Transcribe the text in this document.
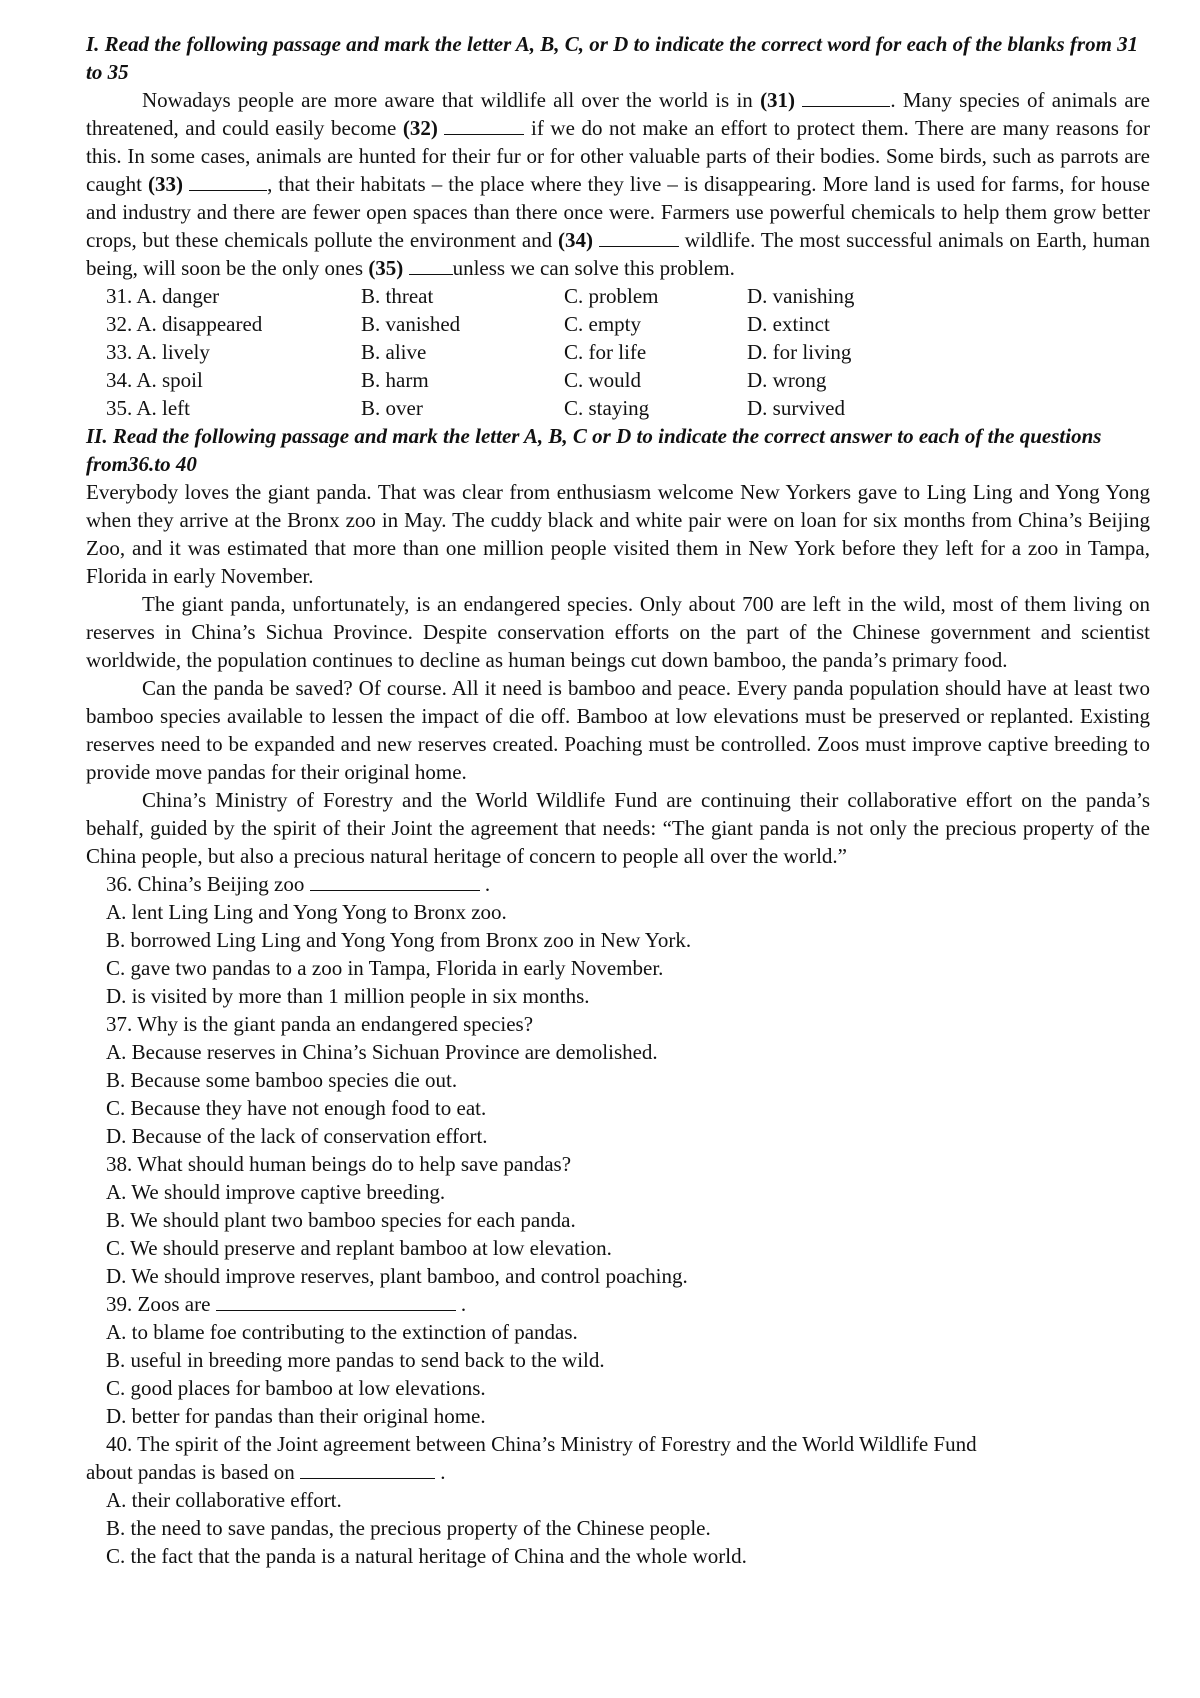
I. Read the following passage and mark the letter A, B, C, or D to indicate the correct word for each of the blanks from 31 to 35
Nowadays people are more aware that wildlife all over the world is in (31)	. Many species of animals are threatened, and could easily become (32)	if we do not make an effort to protect them. There are many reasons for this. In some cases, animals are hunted for their fur or for other valuable parts of their bodies. Some birds, such as parrots are caught (33)	, that their habitats – the place where they live – is disappearing. More land is used for farms, for house and industry and there are fewer open spaces than there once were. Farmers use powerful chemicals to help them grow better crops, but these chemicals pollute the environment and (34)	wildlife. The most successful animals on Earth, human being, will soon be the only ones (35) unless we can solve this problem.
31. A. danger	B. threat	C. problem	D. vanishing
32. A. disappeared	B. vanished	C. empty	D. extinct
33. A. lively	B. alive	C. for life	D. for living
34. A. spoil	B. harm	C. would	D. wrong
35. A. left	B. over	C. staying	D. survived
II. Read the following passage and mark the letter A, B, C or D to indicate the correct answer to each of the questions from36.to 40
Everybody loves the giant panda. That was clear from enthusiasm welcome New Yorkers gave to Ling Ling and Yong Yong when they arrive at the Bronx zoo in May. The cuddy black and white pair were on loan for six months from China’s Beijing Zoo, and it was estimated that more than one million people visited them in New York before they left for a zoo in Tampa, Florida in early November.
The giant panda, unfortunately, is an endangered species. Only about 700 are left in the wild, most of them living on reserves in China’s Sichua Province. Despite conservation efforts on the part of the Chinese government and scientist worldwide, the population continues to decline as human beings cut down bamboo, the panda’s primary food.
Can the panda be saved? Of course. All it need is bamboo and peace. Every panda population should have at least two bamboo species available to lessen the impact of die off. Bamboo at low elevations must be preserved or replanted. Existing reserves need to be expanded and new reserves created. Poaching must be controlled. Zoos must improve captive breeding to provide move pandas for their original home.
China’s Ministry of Forestry and the World Wildlife Fund are continuing their collaborative effort on the panda’s behalf, guided by the spirit of their Joint the agreement that needs: “The giant panda is not only the precious property of the China people, but also a precious natural heritage of concern to people all over the world.”
36. China’s Beijing zoo	.
A. lent Ling Ling and Yong Yong to Bronx zoo.
B. borrowed Ling Ling and Yong Yong from Bronx zoo in New York.
C. gave two pandas to a zoo in Tampa, Florida in early November.
D. is visited by more than 1 million people in six months.
37. Why is the giant panda an endangered species?
A. Because reserves in China’s Sichuan Province are demolished.
B. Because some bamboo species die out.
C. Because they have not enough food to eat.
D. Because of the lack of conservation effort.
38. What should human beings do to help save pandas?
A. We should improve captive breeding.
B. We should plant two bamboo species for each panda.
C. We should preserve and replant bamboo at low elevation.
D. We should improve reserves, plant bamboo, and control poaching.
39. Zoos are	.
A. to blame foe contributing to the extinction of pandas.
B. useful in breeding more pandas to send back to the wild.
C. good places for bamboo at low elevations.
D. better for pandas than their original home.
40. The spirit of the Joint agreement between China’s Ministry of Forestry and the World Wildlife Fund
about pandas is based on	.
A. their collaborative effort.
B. the need to save pandas, the precious property of the Chinese people.
C. the fact that the panda is a natural heritage of China and the whole world.
